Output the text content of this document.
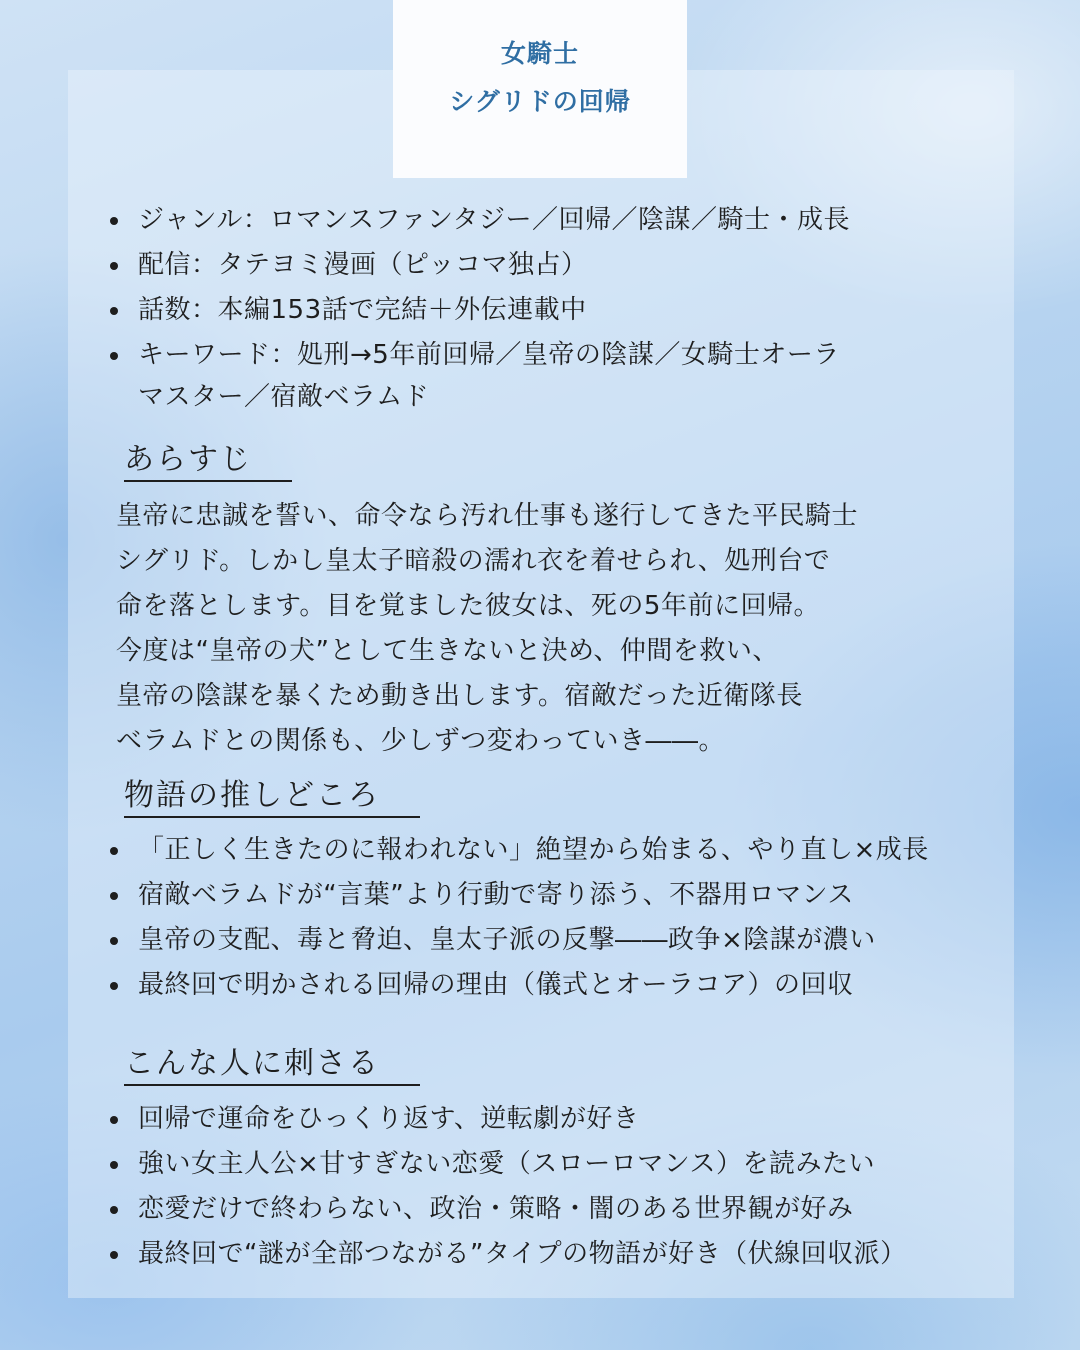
女騎士
シグリドの回帰
ジャンル：ロマンスファンタジー／回帰／陰謀／騎士・成長
配信：タテヨミ漫画（ピッコマ独占）
話数：本編153話で完結＋外伝連載中
キーワード：処刑→5年前回帰／皇帝の陰謀／女騎士オーラ
マスター／宿敵ベラムド
あらすじ
皇帝に忠誠を誓い、命令なら汚れ仕事も遂行してきた平民騎士
シグリド。しかし皇太子暗殺の濡れ衣を着せられ、処刑台で
命を落とします。目を覚ました彼女は、死の5年前に回帰。
今度は“皇帝の犬”として生きないと決め、仲間を救い、
皇帝の陰謀を暴くため動き出します。宿敵だった近衛隊長
ベラムドとの関係も、少しずつ変わっていき――。
物語の推しどころ
「正しく生きたのに報われない」絶望から始まる、やり直し×成長
宿敵ベラムドが“言葉”より行動で寄り添う、不器用ロマンス
皇帝の支配、毒と脅迫、皇太子派の反撃――政争×陰謀が濃い
最終回で明かされる回帰の理由（儀式とオーラコア）の回収
こんな人に刺さる
回帰で運命をひっくり返す、逆転劇が好き
強い女主人公×甘すぎない恋愛（スローロマンス）を読みたい
恋愛だけで終わらない、政治・策略・闇のある世界観が好み
最終回で“謎が全部つながる”タイプの物語が好き（伏線回収派）
